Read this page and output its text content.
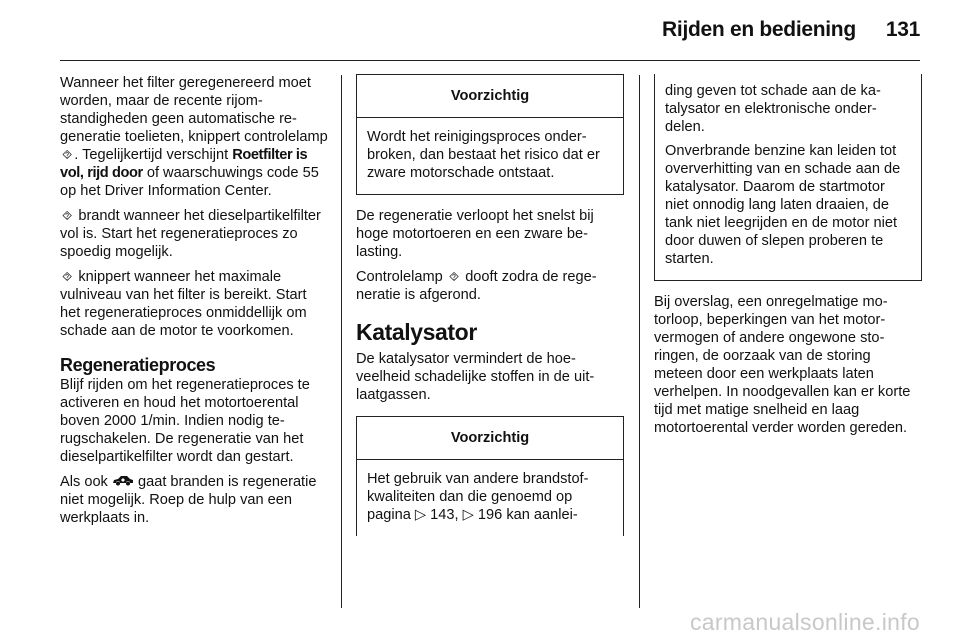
Rijden en bediening 131

Wanneer het filter geregenereerd moet worden, maar de recente rijomstandigheden geen automatische regeneratie toelieten, knippert controlelamp ⯑ . Tegelijkertijd verschijnt Roetfilter is vol, rijd door of waarschuwings code 55 op het Driver Information Center.

⯑ brandt wanneer het dieselpartikelfilter vol is. Start het regeneratieproces zo spoedig mogelijk.

⯑ knippert wanneer het maximale vulniveau van het filter is bereikt. Start het regeneratieproces onmiddellijk om schade aan de motor te voorkomen.

Regeneratieproces

Blijf rijden om het regeneratieproces te activeren en houd het motortoerental boven 2000 1/min. Indien nodig terugschakelen. De regeneratie van het dieselpartikelfilter wordt dan gestart.

Als ook  gaat branden is regeneratie niet mogelijk. Roep de hulp van een werkplaats in.

Voorzichtig

Wordt het reinigingsproces onderbroken, dan bestaat het risico dat er zware motorschade ontstaat.

De regeneratie verloopt het snelst bij hoge motortoeren en een zware belasting.

Controlelamp ⯑ dooft zodra de regeneratie is afgerond.

Katalysator

De katalysator vermindert de hoeveelheid schadelijke stoffen in de uitlaatgassen.

Voorzichtig

Het gebruik van andere brandstofkwaliteiten dan die genoemd op pagina ▷ 143, ▷ 196 kan aanlei-

ding geven tot schade aan de katalysator en elektronische onderdelen.

Onverbrande benzine kan leiden tot oververhitting van en schade aan de katalysator. Daarom de startmotor niet onnodig lang laten draaien, de tank niet leegrijden en de motor niet door duwen of slepen proberen te starten.

Bij overslag, een onregelmatige motorloop, beperkingen van het motorvermogen of andere ongewone storingen, de oorzaak van de storing meteen door een werkplaats laten verhelpen. In noodgevallen kan er korte tijd met matige snelheid en laag motortoerental verder worden gereden.

carmanualsonline.info
